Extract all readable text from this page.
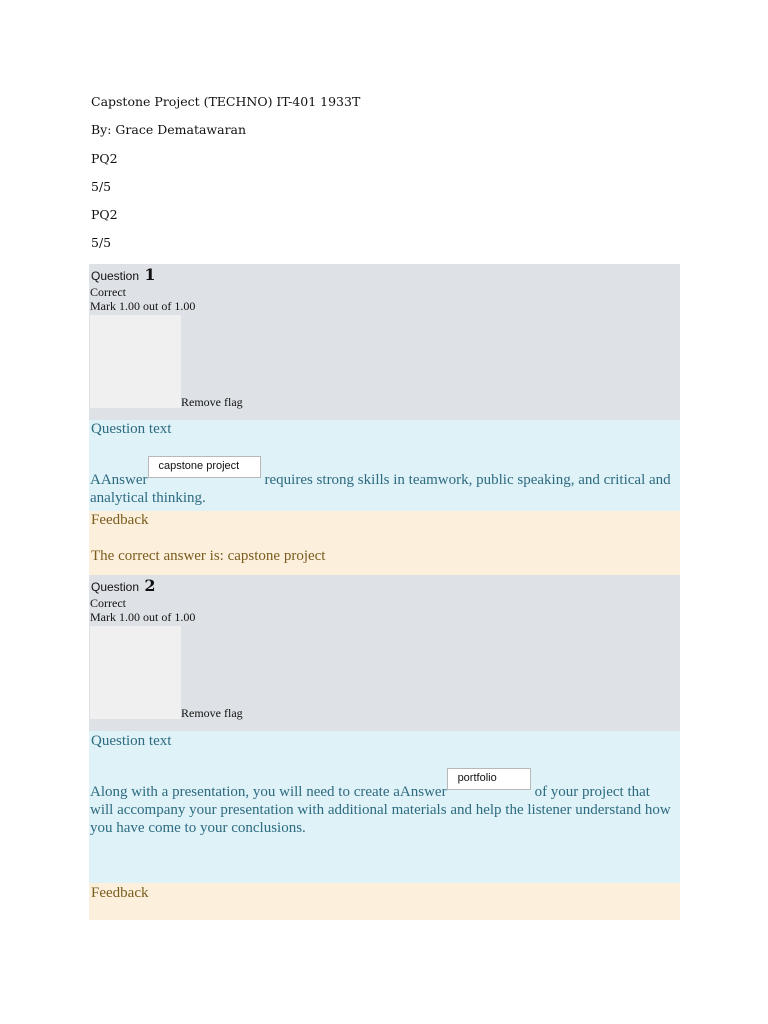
Capstone Project (TECHNO) IT-401 1933T

By: Grace Dematawaran

PQ2

5/5

PQ2

5/5

Question 1
Correct
Mark 1.00 out of 1.00
Remove flag
Question text
AAnswercapstone projectrequires strong skills in teamwork, public speaking, and critical and analytical thinking.
Feedback
The correct answer is: capstone project
Question 2
Correct
Mark 1.00 out of 1.00
Remove flag
Question text
Along with a presentation, you will need to create aAnswerportfolioof your project that will accompany your presentation with additional materials and help the listener understand how you have come to your conclusions.
Feedback
